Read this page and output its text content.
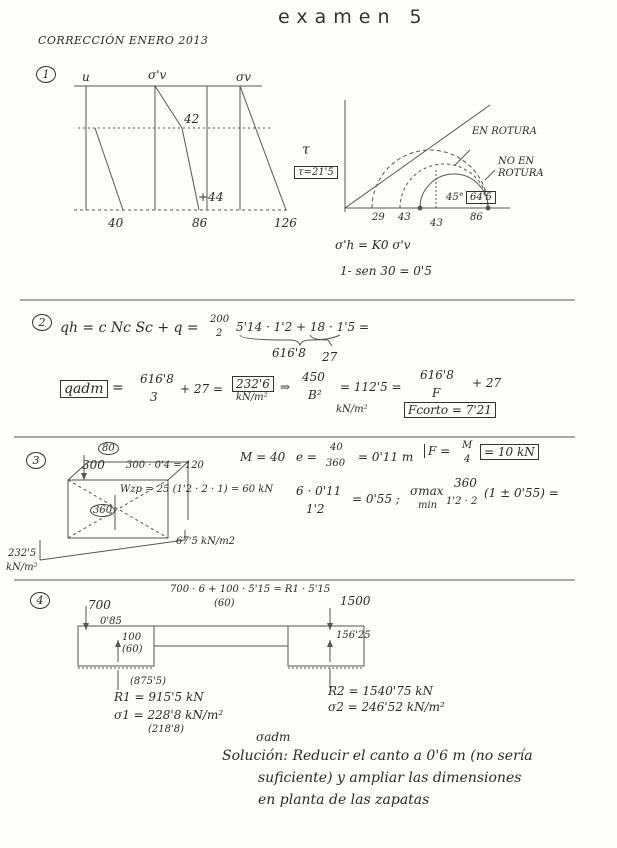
examen 5
CORRECCIÓN ENERO 2013
1	u	σ'v	σv
42
+44
40	86	126
τ
τ=21'5
EN ROTURA
NO EN
ROTURA
45° 64'5
29 43
43
86
σ'h = K0 σ'v
1- sen 30 = 0'5
2	qh = c Nc Sc + q =
200
2 5'14 · 1'2 + 18 · 1'5 =
616'8 27
qadm =
616'8
3
+ 27 =	232'6
kN/m²
⇒
450
B²
= 112'5 =
616'8
F
+ 27
kN/m²	Fcorto = 7'21
3
80
300 300 · 0'4 = 120
Wzp = 25 (1'2 · 2 · 1) = 60 kN
360
232'5
kN/m²
67'5 kN/m2
M = 40 e =
40
360 = 0'11 m	F = M
4
= 10 kN
6 · 0'11
1'2
= 0'55 ;
σmax
min
360
1'2 · 2
(1 ± 0'55) =
4
700 · 6 + 100 · 5'15 = R1 · 5'15
(60)
700
0'85
1500
100
(60)
156'25
(875'5)
R1 = 915'5 kN
σ1 = 228'8 kN/m²
(218'8)
R2 = 1540'75 kN
σ2 = 246'52 kN/m²
σadm
Solución: Reducir el canto a 0'6 m (no sería
suficiente) y ampliar las dimensiones
en planta de las zapatas
